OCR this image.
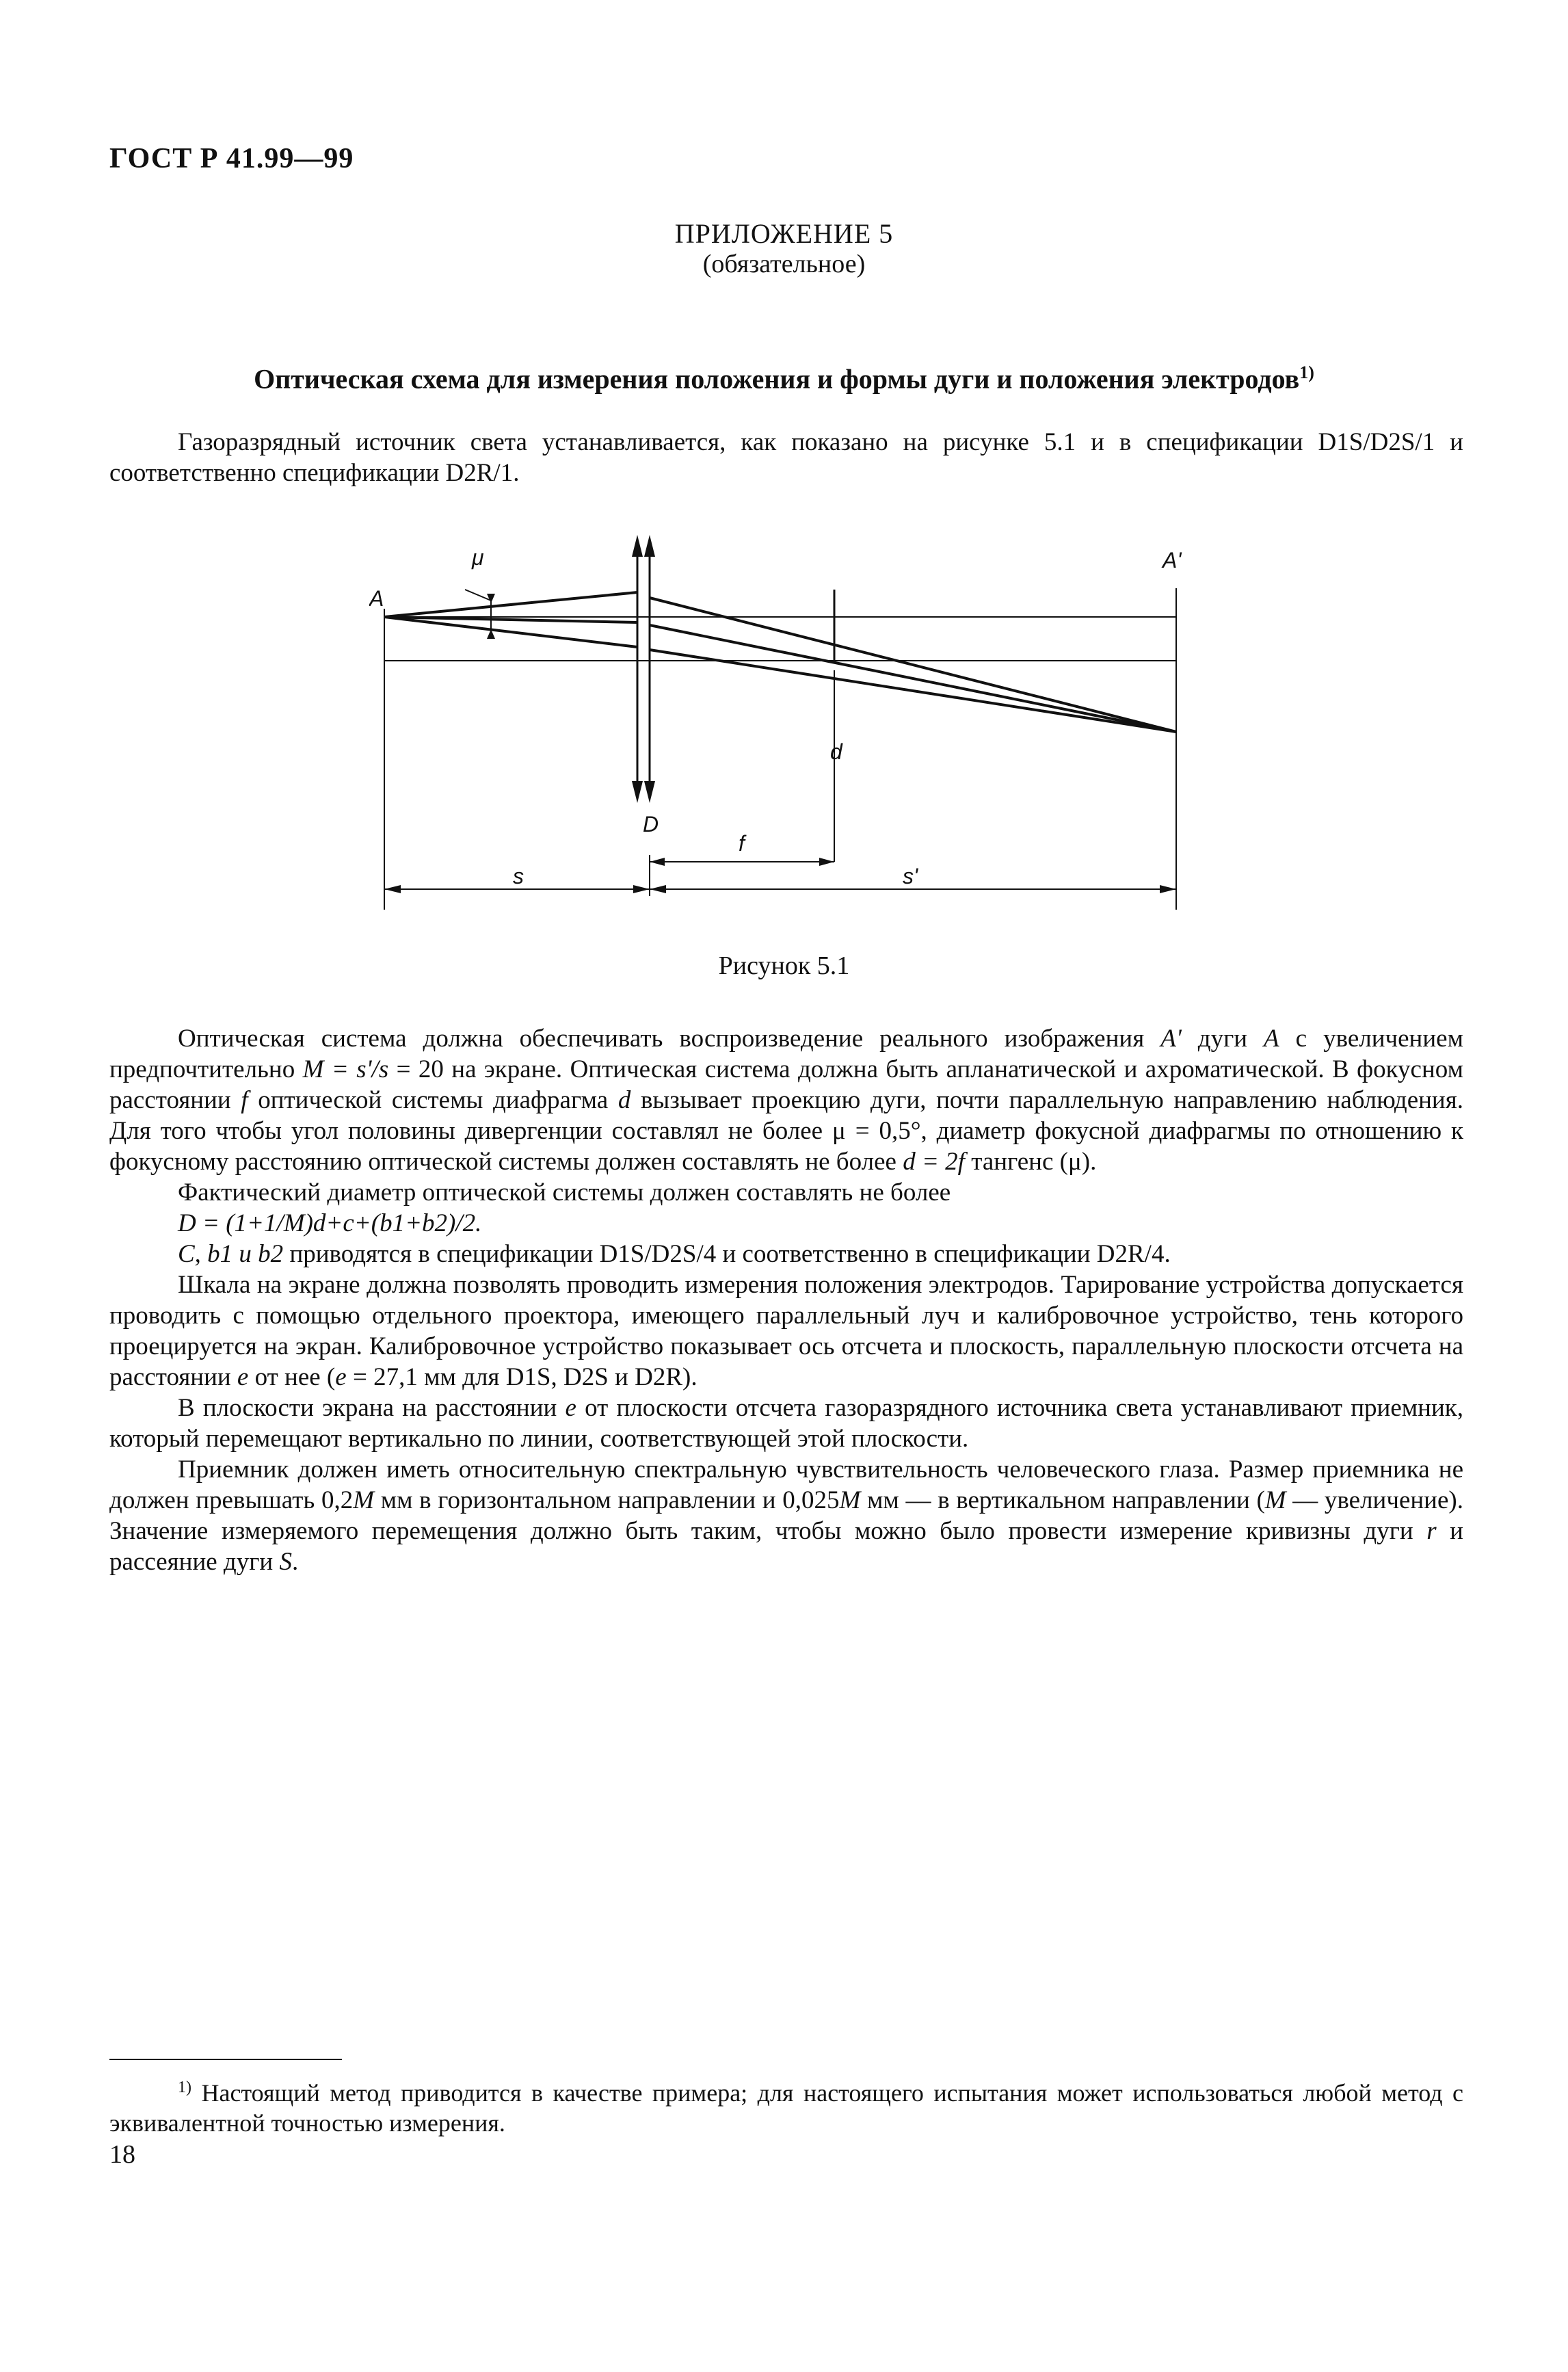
ГОСТ Р 41.99—99
ПРИЛОЖЕНИЕ 5
(обязательное)
Оптическая схема для измерения положения и формы дуги и положения электродов$^{1)}$

Газоразрядный источник света устанавливается, как показано на рисунке 5.1 и в спецификации D1S/D2S/1 и соответственно спецификации D2R/1.

A
A'
μ
D
d
f
s	s'
Рисунок 5.1

Оптическая система должна обеспечивать воспроизведение реального изображения A' дуги A с увеличением предпочтительно M = s'/s = 20 на экране. Оптическая система должна быть апланатической и ахроматической. В фокусном расстоянии f оптической системы диафрагма d вызывает проекцию дуги, почти параллельную направлению наблюдения. Для того чтобы угол половины дивергенции составлял не более μ = 0,5°, диаметр фокусной диафрагмы по отношению к фокусному расстоянию оптической системы должен составлять не более d = 2f тангенс (μ).

Фактический диаметр оптической системы должен составлять не более

D = (1+1/M)d+c+(b1+b2)/2.

C, b1 и b2 приводятся в спецификации D1S/D2S/4 и соответственно в спецификации D2R/4.

Шкала на экране должна позволять проводить измерения положения электродов. Тарирование устройства допускается проводить с помощью отдельного проектора, имеющего параллельный луч и калибровочное устройство, тень которого проецируется на экран. Калибровочное устройство показывает ось отсчета и плоскость, параллельную плоскости отсчета на расстоянии e от нее (e = 27,1 мм для D1S, D2S и D2R).

В плоскости экрана на расстоянии e от плоскости отсчета газоразрядного источника света устанавливают приемник, который перемещают вертикально по линии, соответствующей этой плоскости.

Приемник должен иметь относительную спектральную чувствительность человеческого глаза. Размер приемника не должен превышать 0,2M мм в горизонтальном направлении и 0,025M мм — в вертикальном направлении (M — увеличение). Значение измеряемого перемещения должно быть таким, чтобы можно было провести измерение кривизны дуги r и рассеяние дуги S.

$^{1)}$ Настоящий метод приводится в качестве примера; для настоящего испытания может использоваться любой метод с эквивалентной точностью измерения.
18
